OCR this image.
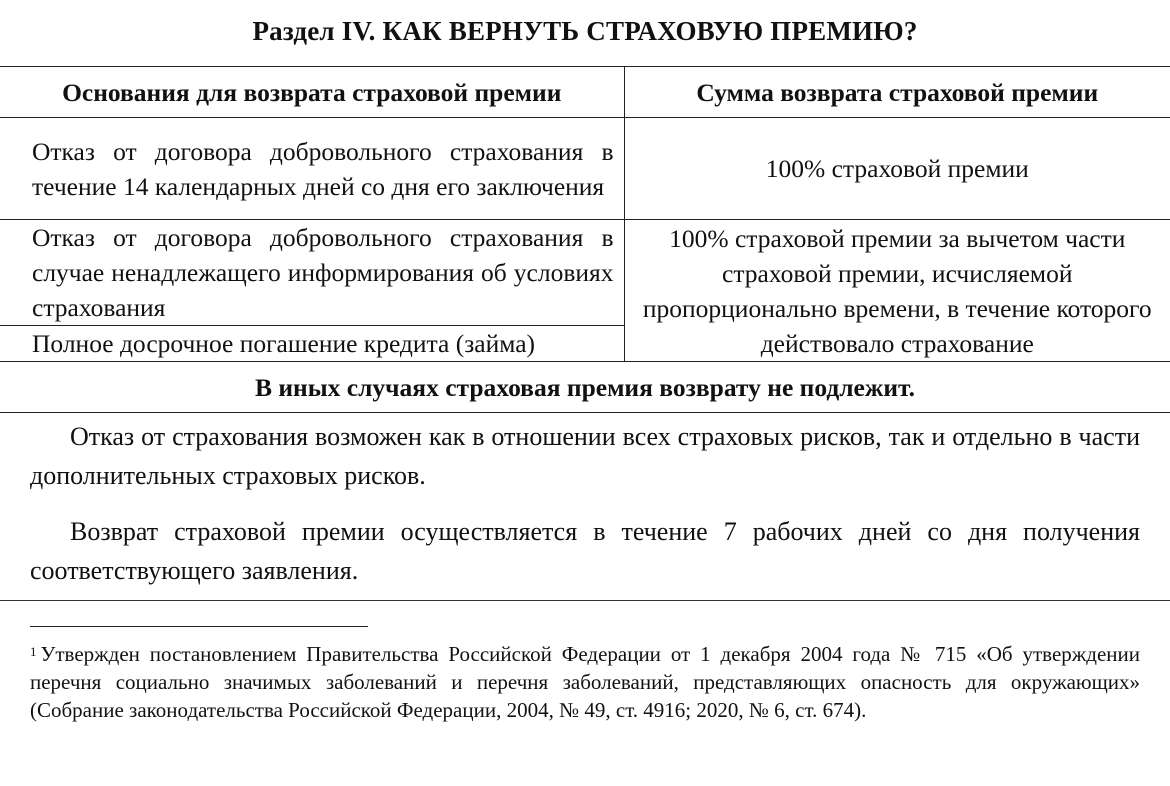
Раздел IV. КАК ВЕРНУТЬ СТРАХОВУЮ ПРЕМИЮ?
Основания для возврата страховой премии	Сумма возврата страховой премии
Отказ от договора добровольного страхования в течение 14 календарных дней со дня его заключения	100% страховой премии
Отказ от договора добровольного страхования в случае ненадлежащего информирования об условиях страхования	100% страховой премии за вычетом части страховой премии, исчисляемой пропорционально времени, в течение которого действовало страхование
Полное досрочное погашение кредита (займа)	
В иных случаях страховая премия возврату не подлежит.	

Отказ от страхования возможен как в отношении всех страховых рисков, так и отдельно в части дополнительных страховых рисков.

Возврат страховой премии осуществляется в течение 7 рабочих дней со дня получения соответствующего заявления.

$^1$ Утвержден постановлением Правительства Российской Федерации от 1 декабря 2004 года № 715 «Об утверждении перечня социально значимых заболеваний и перечня заболеваний, представляющих опасность для окружающих» (Собрание законодательства Российской Федерации, 2004, № 49, ст. 4916; 2020, № 6, ст. 674).
